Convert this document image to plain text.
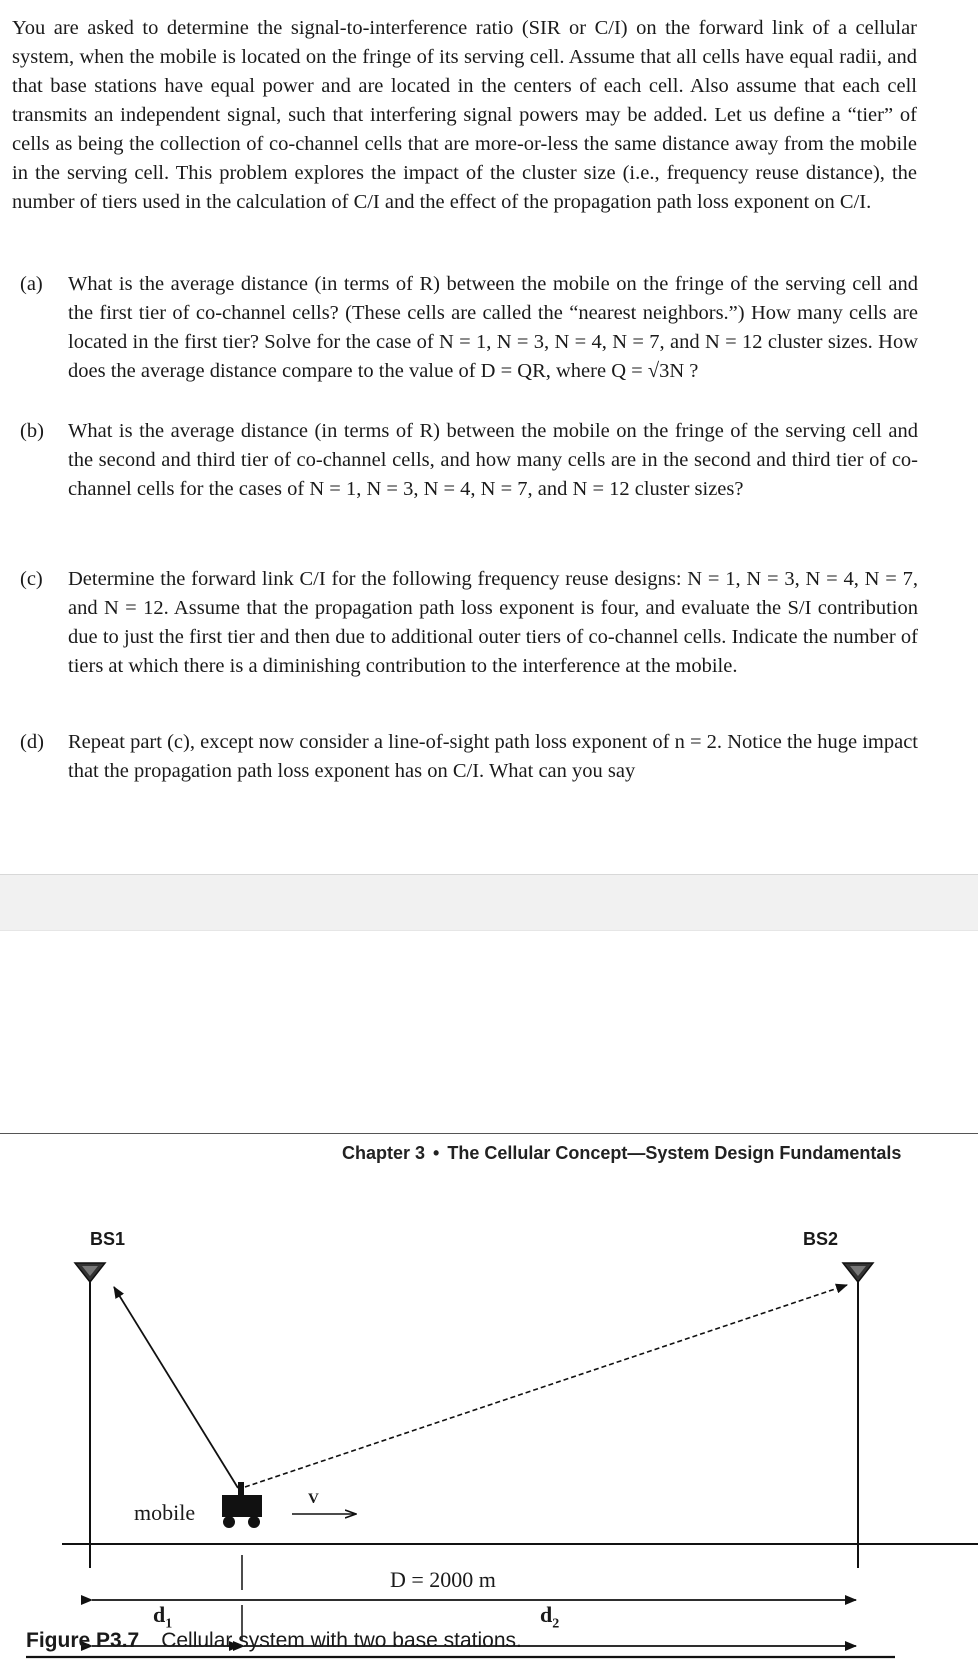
You are asked to determine the signal-to-interference ratio (SIR or C/I) on the forward link of a cellular system, when the mobile is located on the fringe of its serving cell. Assume that all cells have equal radii, and that base stations have equal power and are located in the centers of each cell. Also assume that each cell transmits an independent signal, such that interfering signal powers may be added. Let us define a “tier” of cells as being the collection of co-channel cells that are more-or-less the same distance away from the mobile in the serving cell. This problem explores the impact of the cluster size (i.e., frequency reuse distance), the number of tiers used in the calculation of C/I and the effect of the propagation path loss exponent on C/I.

(a)	What is the average distance (in terms of R) between the mobile on the fringe of the serving cell and the first tier of co-channel cells? (These cells are called the “nearest neighbors.”) How many cells are located in the first tier? Solve for the case of N = 1, N = 3, N = 4, N = 7, and N = 12 cluster sizes. How does the average distance compare to the value of D = QR, where Q = √3N ?
(b)	What is the average distance (in terms of R) between the mobile on the fringe of the serving cell and the second and third tier of co-channel cells, and how many cells are in the second and third tier of co-channel cells for the cases of N = 1, N = 3, N = 4, N = 7, and N = 12 cluster sizes?
(c)	Determine the forward link C/I for the following frequency reuse designs: N = 1, N = 3, N = 4, N = 7, and N = 12. Assume that the propagation path loss exponent is four, and evaluate the S/I contribution due to just the first tier and then due to additional outer tiers of co-channel cells. Indicate the number of tiers at which there is a diminishing contribution to the interference at the mobile.
(d)	Repeat part (c), except now consider a line-of-sight path loss exponent of n = 2. Notice the huge impact that the propagation path loss exponent has on C/I. What can you say
Chapter 3 • The Cellular Concept—System Design Fundamentals
BS1	BS2
mobile
V
D = 2000 m
$d_1$	$d_2$
Figure P3.7 Cellular system with two base stations.
